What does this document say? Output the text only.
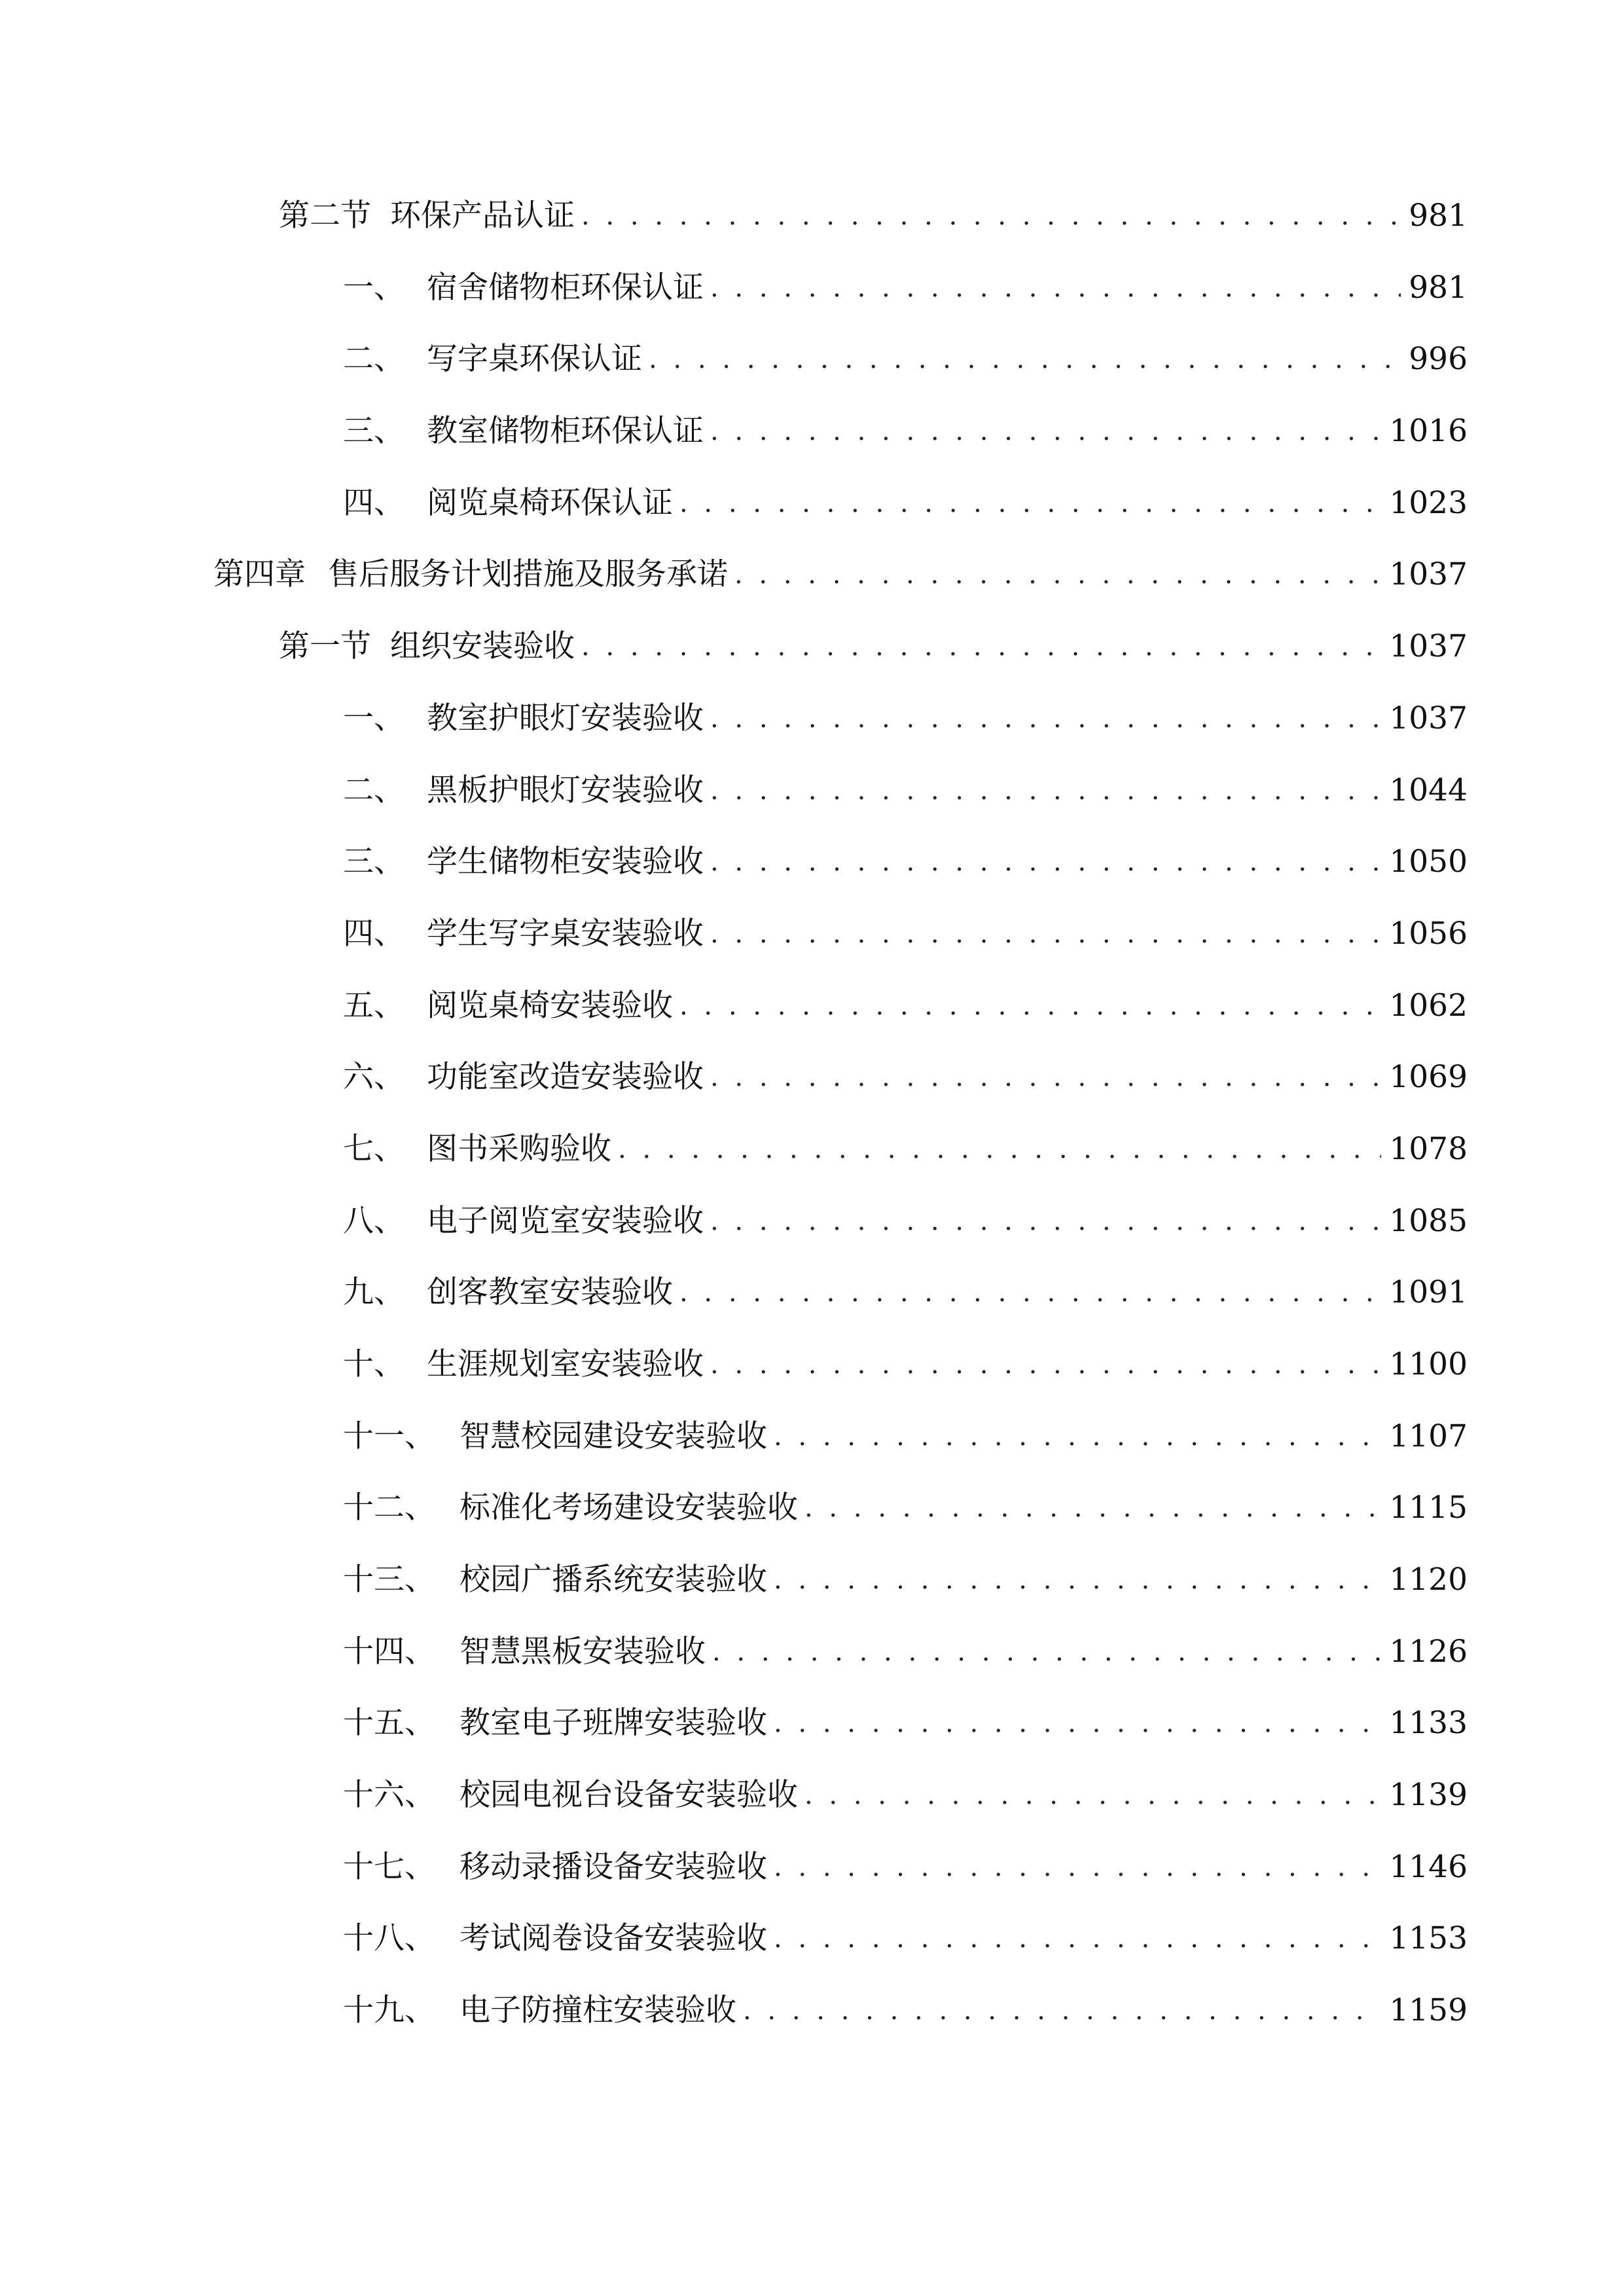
第二节 环保产品认证 . . .	981
一、 宿舍储物柜环保认证 . . .	981
二、 写字桌环保认证 . . .	996
三、 教室储物柜环保认证 . . .	1016
四、 阅览桌椅环保认证 . . .	1023
第四章 售后服务计划措施及服务承诺 . . .	1037
第一节 组织安装验收 . . .	1037
一、 教室护眼灯安装验收 . . .	1037
二、 黑板护眼灯安装验收 . . .	1044
三、 学生储物柜安装验收 . . .	1050
四、 学生写字桌安装验收 . . .	1056
五、 阅览桌椅安装验收 . . .	1062
六、 功能室改造安装验收 . . .	1069
七、 图书采购验收 . . .	1078
八、 电子阅览室安装验收 . . .	1085
九、 创客教室安装验收 . . .	1091
十、 生涯规划室安装验收 . . .	1100
十一、 智慧校园建设安装验收 . . .	1107
十二、 标准化考场建设安装验收 . . .	1115
十三、 校园广播系统安装验收 . . .	1120
十四、 智慧黑板安装验收 . . .	1126
十五、 教室电子班牌安装验收 . . .	1133
十六、 校园电视台设备安装验收 . . .	1139
十七、 移动录播设备安装验收 . . .	1146
十八、 考试阅卷设备安装验收 . . .	1153
十九、 电子防撞柱安装验收 . . .	1159
